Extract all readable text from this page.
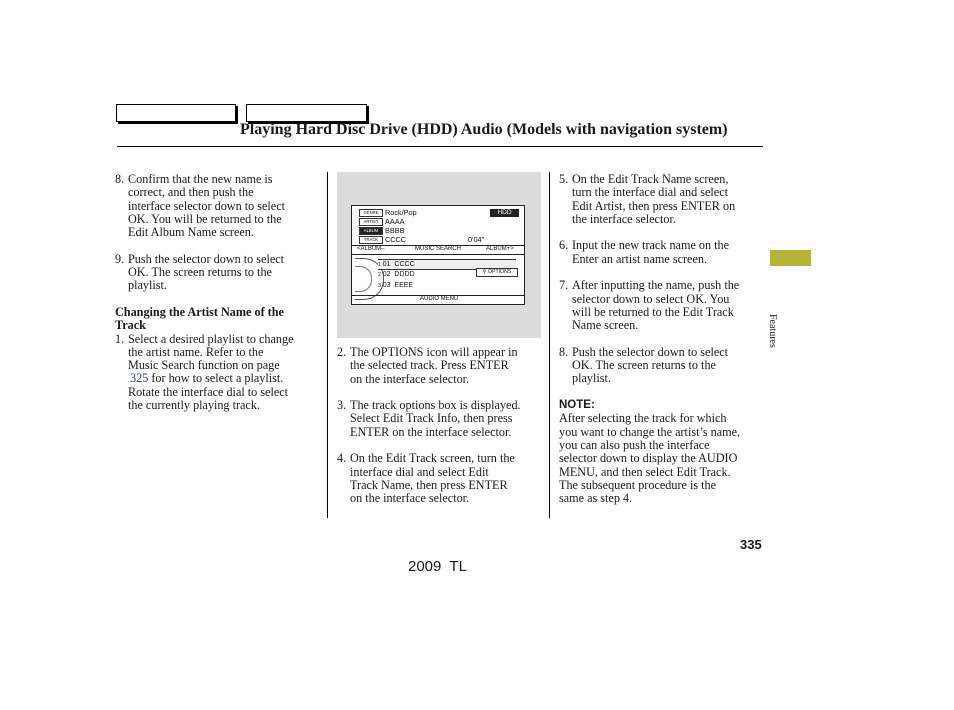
Playing Hard Disc Drive (HDD) Audio (Models with navigation system)
8. Confirm that the new name is
correct, and then push the
interface selector down to select
OK. You will be returned to the
Edit Album Name screen.
9. Push the selector down to select
OK. The screen returns to the
playlist.
Changing the Artist Name of the
Track
1. Select a desired playlist to change
the artist name. Refer to the
Music Search function on page
325 for how to select a playlist.
Rotate the interface dial to select
the currently playing track.
GENRE Rock/Pop	HDD
ARTIST AAAA
ALBUM BBBB
TRACK CCCC	0'04"
<ALBUM–	MUSIC SEARCH	ALBUM+>
1 01 CCCC
2 02 DDDD	⚲ OPTIONS
3 03 EEEE
AUDIO MENU
2. The OPTIONS icon will appear in
the selected track. Press ENTER
on the interface selector.
3. The track options box is displayed.
Select Edit Track Info, then press
ENTER on the interface selector.
4. On the Edit Track screen, turn the
interface dial and select Edit
Track Name, then press ENTER
on the interface selector.
5. On the Edit Track Name screen,
turn the interface dial and select
Edit Artist, then press ENTER on
the interface selector.
6. Input the new track name on the
Enter an artist name screen.
7. After inputting the name, push the
selector down to select OK. You
will be returned to the Edit Track
Name screen.
8. Push the selector down to select
OK. The screen returns to the
playlist.
NOTE:
After selecting the track for which
you want to change the artist’s name,
you can also push the interface
selector down to display the AUDIO
MENU, and then select Edit Track.
The subsequent procedure is the
same as step 4.
Features
335
2009  TL
